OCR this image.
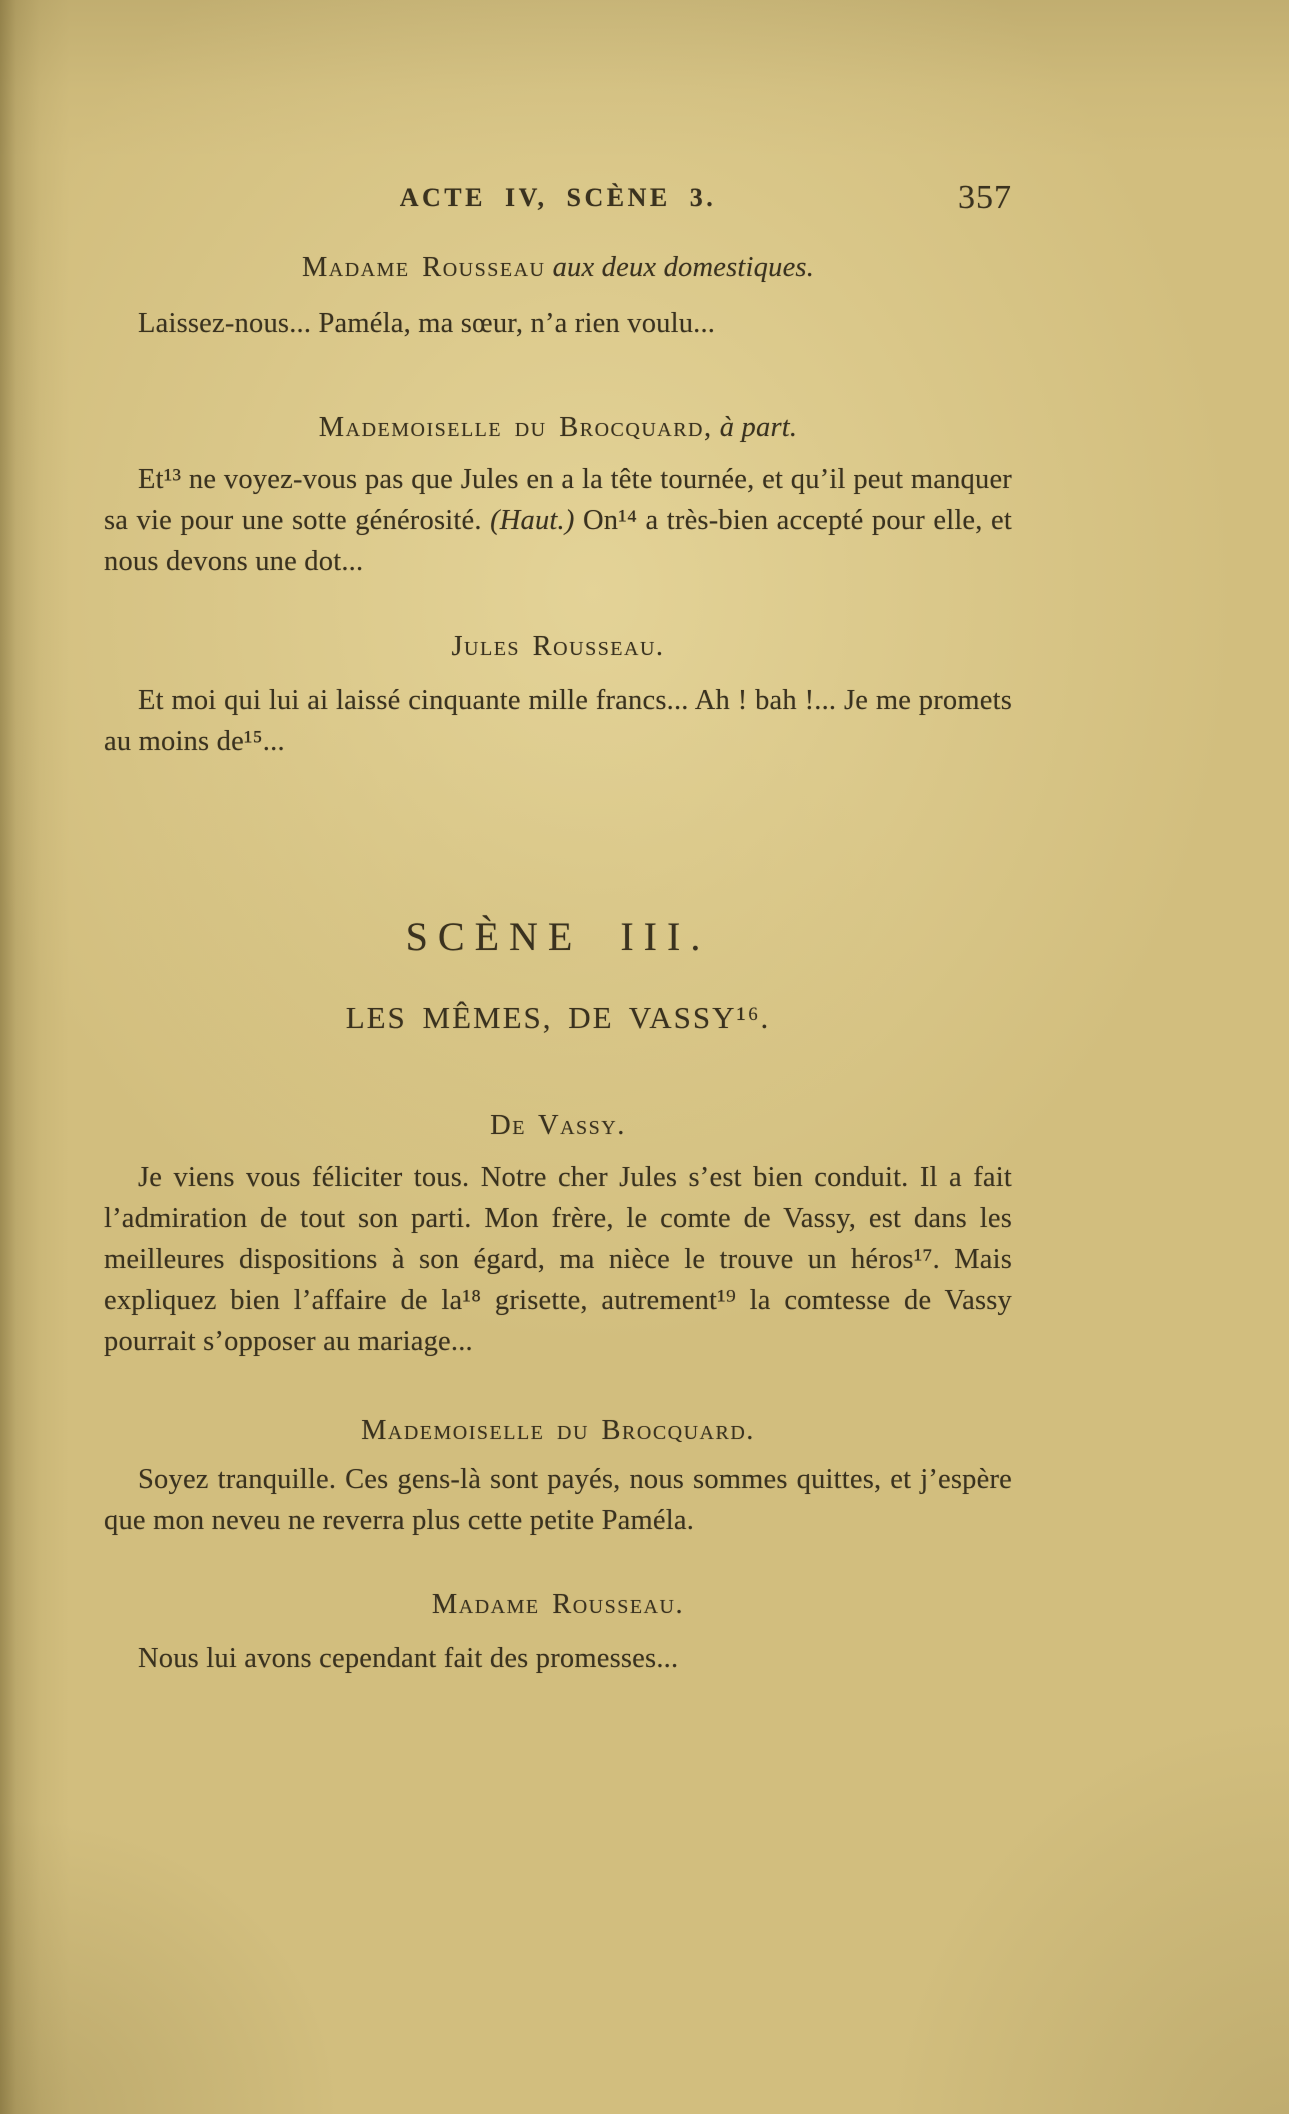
ACTE IV, SCÈNE 3.	357

Madame Rousseau aux deux domestiques.

Laissez-nous... Paméla, ma sœur, n’a rien voulu...

Mademoiselle du Brocquard, à part.

Et¹³ ne voyez-vous pas que Jules en a la tête tournée, et qu’il peut manquer sa vie pour une sotte générosité. (Haut.) On¹⁴ a très-bien accepté pour elle, et nous devons une dot...

Jules Rousseau.

Et moi qui lui ai laissé cinquante mille francs... Ah ! bah !... Je me promets au moins de¹⁵...

SCÈNE III.

LES MÊMES, DE VASSY¹⁶.

De Vassy.

Je viens vous féliciter tous. Notre cher Jules s’est bien conduit. Il a fait l’admiration de tout son parti. Mon frère, le comte de Vassy, est dans les meilleures dispositions à son égard, ma nièce le trouve un héros¹⁷. Mais expliquez bien l’affaire de la¹⁸ grisette, autrement¹⁹ la comtesse de Vassy pourrait s’opposer au mariage...

Mademoiselle du Brocquard.

Soyez tranquille. Ces gens-là sont payés, nous sommes quittes, et j’espère que mon neveu ne reverra plus cette petite Paméla.

Madame Rousseau.

Nous lui avons cependant fait des promesses...
